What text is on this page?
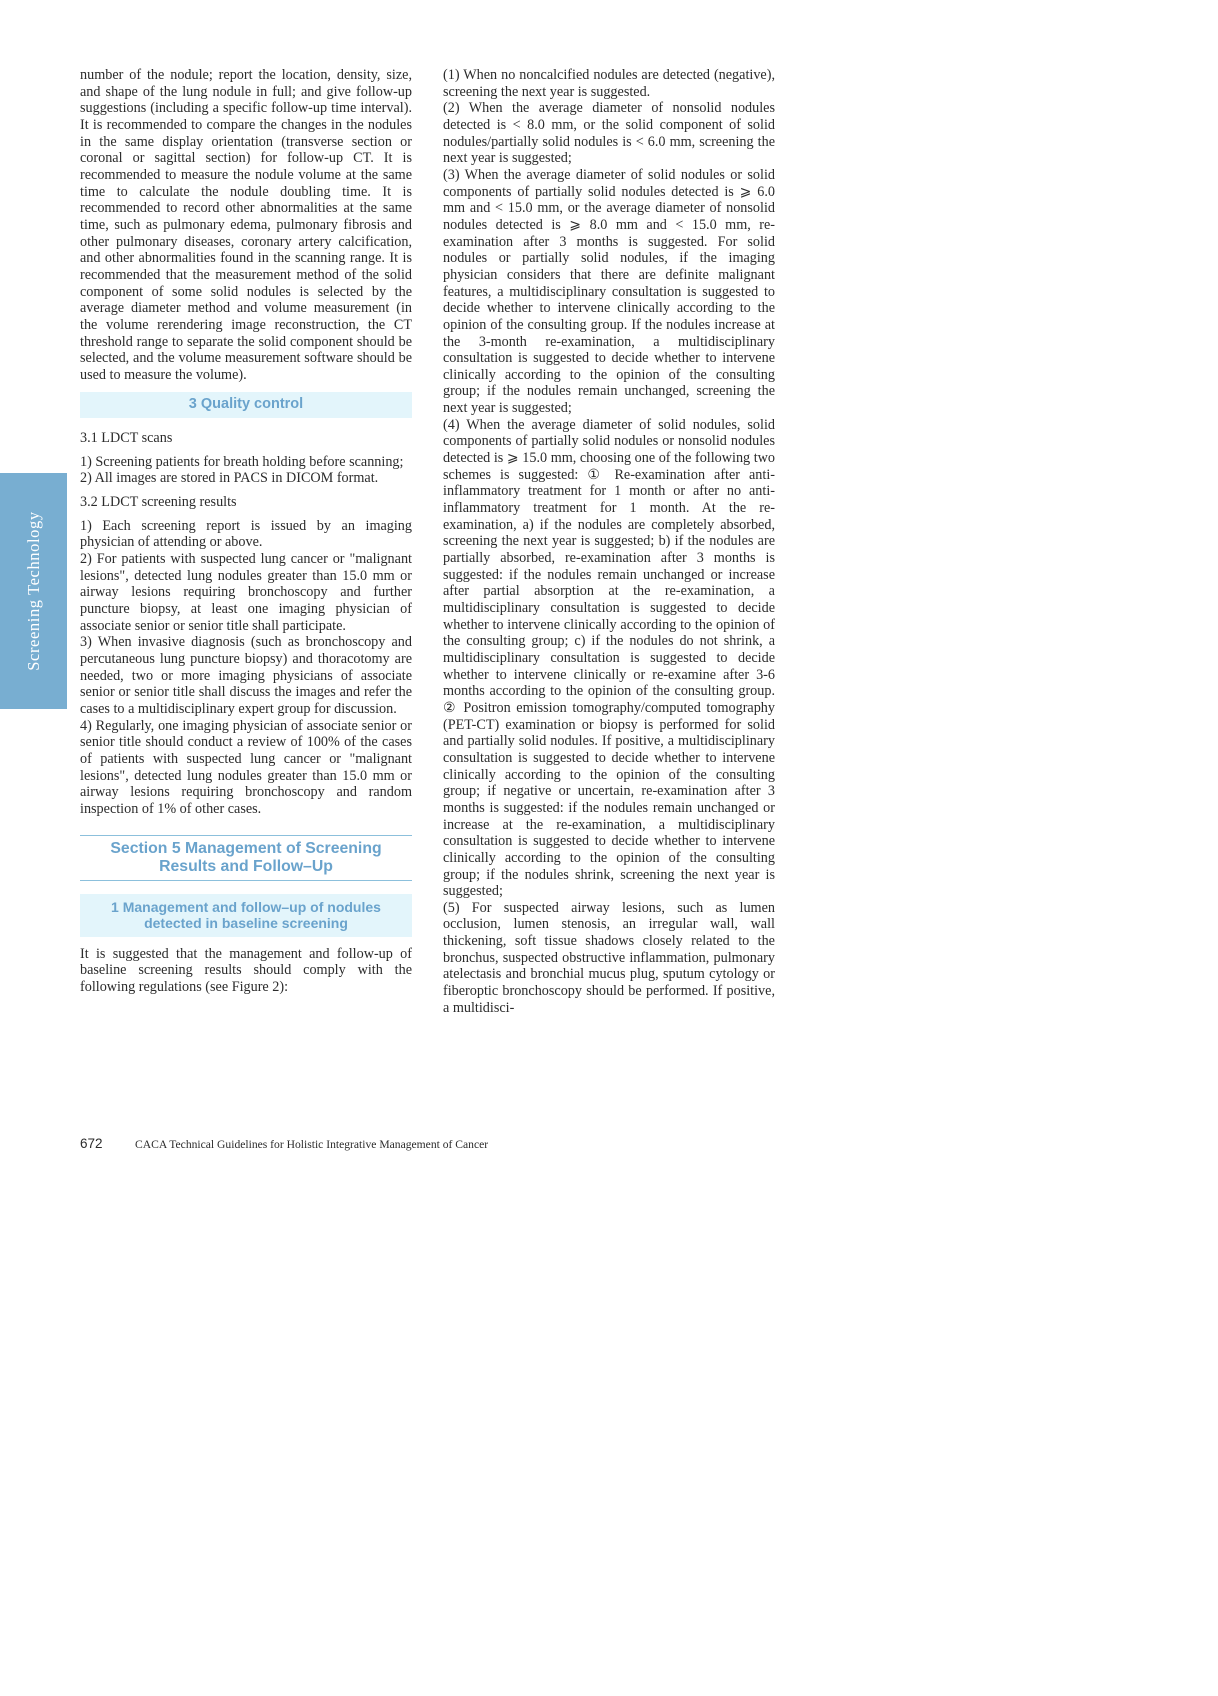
Screening Technology

number of the nodule; report the location, density, size, and shape of the lung nodule in full; and give follow-up suggestions (including a specific follow-up time interval). It is recommended to compare the changes in the nodules in the same display orientation (transverse section or coronal or sagittal section) for follow-up CT. It is recommended to measure the nodule volume at the same time to calculate the nodule doubling time. It is recommended to record other abnormalities at the same time, such as pulmonary edema, pulmonary fibrosis and other pulmonary diseases, coronary artery calcification, and other abnormalities found in the scanning range. It is recommended that the measurement method of the solid component of some solid nodules is selected by the average diameter method and volume measurement (in the volume rerendering image reconstruction, the CT threshold range to separate the solid component should be selected, and the volume measurement software should be used to measure the volume).

3 Quality control

3.1 LDCT scans

1) Screening patients for breath holding before scanning;

2) All images are stored in PACS in DICOM format.

3.2 LDCT screening results

1) Each screening report is issued by an imaging physician of attending or above.

2) For patients with suspected lung cancer or "malignant lesions", detected lung nodules greater than 15.0 mm or airway lesions requiring bronchoscopy and further puncture biopsy, at least one imaging physician of associate senior or senior title shall participate.

3) When invasive diagnosis (such as bronchoscopy and percutaneous lung puncture biopsy) and thoracotomy are needed, two or more imaging physicians of associate senior or senior title shall discuss the images and refer the cases to a multidisciplinary expert group for discussion.

4) Regularly, one imaging physician of associate senior or senior title should conduct a review of 100% of the cases of patients with suspected lung cancer or "malignant lesions", detected lung nodules greater than 15.0 mm or airway lesions requiring bronchoscopy and random inspection of 1% of other cases.

Section 5 Management of Screening Results and Follow–Up
1 Management and follow–up of nodules detected in baseline screening

It is suggested that the management and follow-up of baseline screening results should comply with the following regulations (see Figure 2):

(1) When no noncalcified nodules are detected (negative), screening the next year is suggested.

(2) When the average diameter of nonsolid nodules detected is < 8.0 mm, or the solid component of solid nodules/partially solid nodules is < 6.0 mm, screening the next year is suggested;

(3) When the average diameter of solid nodules or solid components of partially solid nodules detected is ⩾ 6.0 mm and < 15.0 mm, or the average diameter of nonsolid nodules detected is ⩾ 8.0 mm and < 15.0 mm, re-examination after 3 months is suggested. For solid nodules or partially solid nodules, if the imaging physician considers that there are definite malignant features, a multidisciplinary consultation is suggested to decide whether to intervene clinically according to the opinion of the consulting group. If the nodules increase at the 3-month re-examination, a multidisciplinary consultation is suggested to decide whether to intervene clinically according to the opinion of the consulting group; if the nodules remain unchanged, screening the next year is suggested;

(4) When the average diameter of solid nodules, solid components of partially solid nodules or nonsolid nodules detected is ⩾ 15.0 mm, choosing one of the following two schemes is suggested: ① Re-examination after anti-inflammatory treatment for 1 month or after no anti-inflammatory treatment for 1 month. At the re-examination, a) if the nodules are completely absorbed, screening the next year is suggested; b) if the nodules are partially absorbed, re-examination after 3 months is suggested: if the nodules remain unchanged or increase after partial absorption at the re-examination, a multidisciplinary consultation is suggested to decide whether to intervene clinically according to the opinion of the consulting group; c) if the nodules do not shrink, a multidisciplinary consultation is suggested to decide whether to intervene clinically or re-examine after 3-6 months according to the opinion of the consulting group. ② Positron emission tomography/computed tomography (PET-CT) examination or biopsy is performed for solid and partially solid nodules. If positive, a multidisciplinary consultation is suggested to decide whether to intervene clinically according to the opinion of the consulting group; if negative or uncertain, re-examination after 3 months is suggested: if the nodules remain unchanged or increase at the re-examination, a multidisciplinary consultation is suggested to decide whether to intervene clinically according to the opinion of the consulting group; if the nodules shrink, screening the next year is suggested;

(5) For suspected airway lesions, such as lumen occlusion, lumen stenosis, an irregular wall, wall thickening, soft tissue shadows closely related to the bronchus, suspected obstructive inflammation, pulmonary atelectasis and bronchial mucus plug, sputum cytology or fiberoptic bronchoscopy should be performed. If positive, a multidisci-

672	CACA Technical Guidelines for Holistic Integrative Management of Cancer
